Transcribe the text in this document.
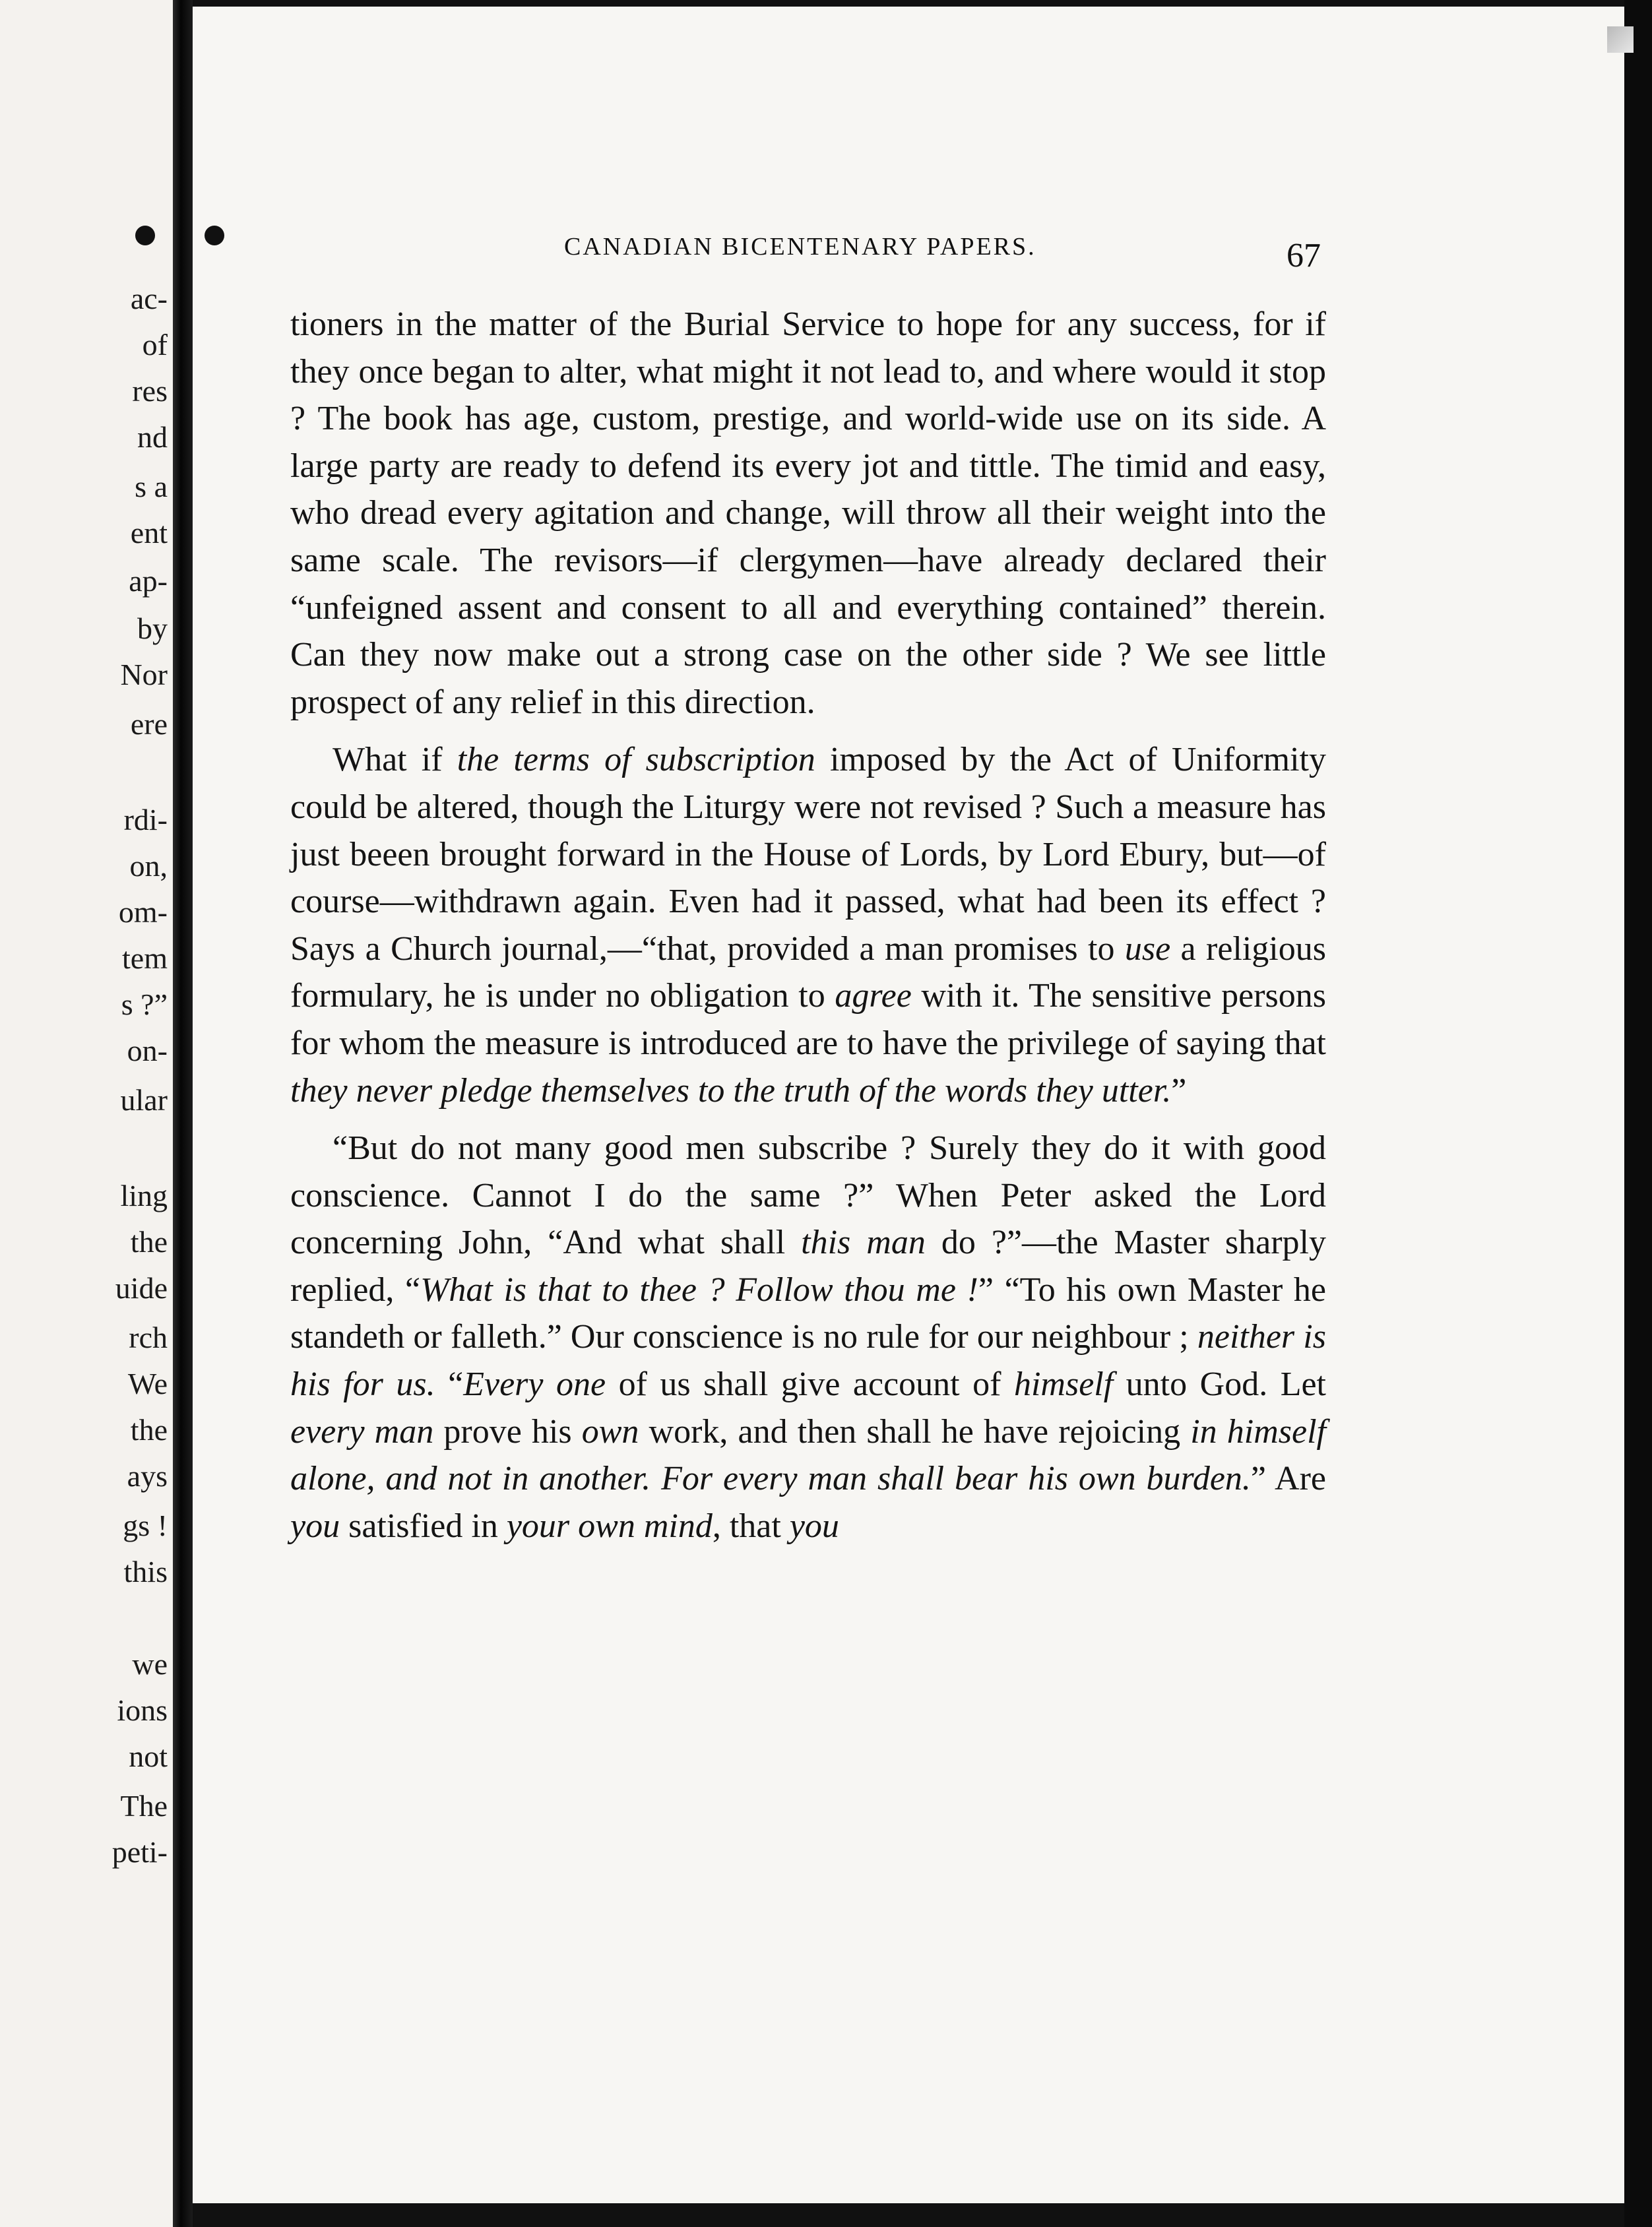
ac-
of
res
nd
s a
ent
ap-
by
Nor
ere
rdi-
on,
om-
tem
s ?”
on-
ular
ling
the
uide
rch
We
the
ays
gs !
this
we
ions
not
The
peti-
CANADIAN BICENTENARY PAPERS.	67

tioners in the matter of the Burial Service to hope for any success, for if they once began to alter, what might it not lead to, and where would it stop ? The book has age, custom, prestige, and world-wide use on its side. A large party are ready to defend its every jot and tittle. The timid and easy, who dread every agitation and change, will throw all their weight into the same scale. The revisors—if clergymen—have already declared their “unfeigned assent and consent to all and everything contained” therein. Can they now make out a strong case on the other side ? We see little prospect of any relief in this direction.

What if the terms of subscription imposed by the Act of Uniformity could be altered, though the Liturgy were not revised ? Such a measure has just beeen brought forward in the House of Lords, by Lord Ebury, but—of course—withdrawn again. Even had it passed, what had been its effect ? Says a Church journal,—“that, provided a man promises to use a religious formulary, he is under no obligation to agree with it. The sensitive persons for whom the measure is introduced are to have the privilege of saying that they never pledge themselves to the truth of the words they utter.”

“But do not many good men subscribe ? Surely they do it with good conscience. Cannot I do the same ?” When Peter asked the Lord concerning John, “And what shall this man do ?”—the Master sharply replied, “What is that to thee ? Follow thou me !” “To his own Master he standeth or falleth.” Our conscience is no rule for our neighbour ; neither is his for us. “Every one of us shall give account of himself unto God. Let every man prove his own work, and then shall he have rejoicing in himself alone, and not in another. For every man shall bear his own burden.” Are you satisfied in your own mind, that you
